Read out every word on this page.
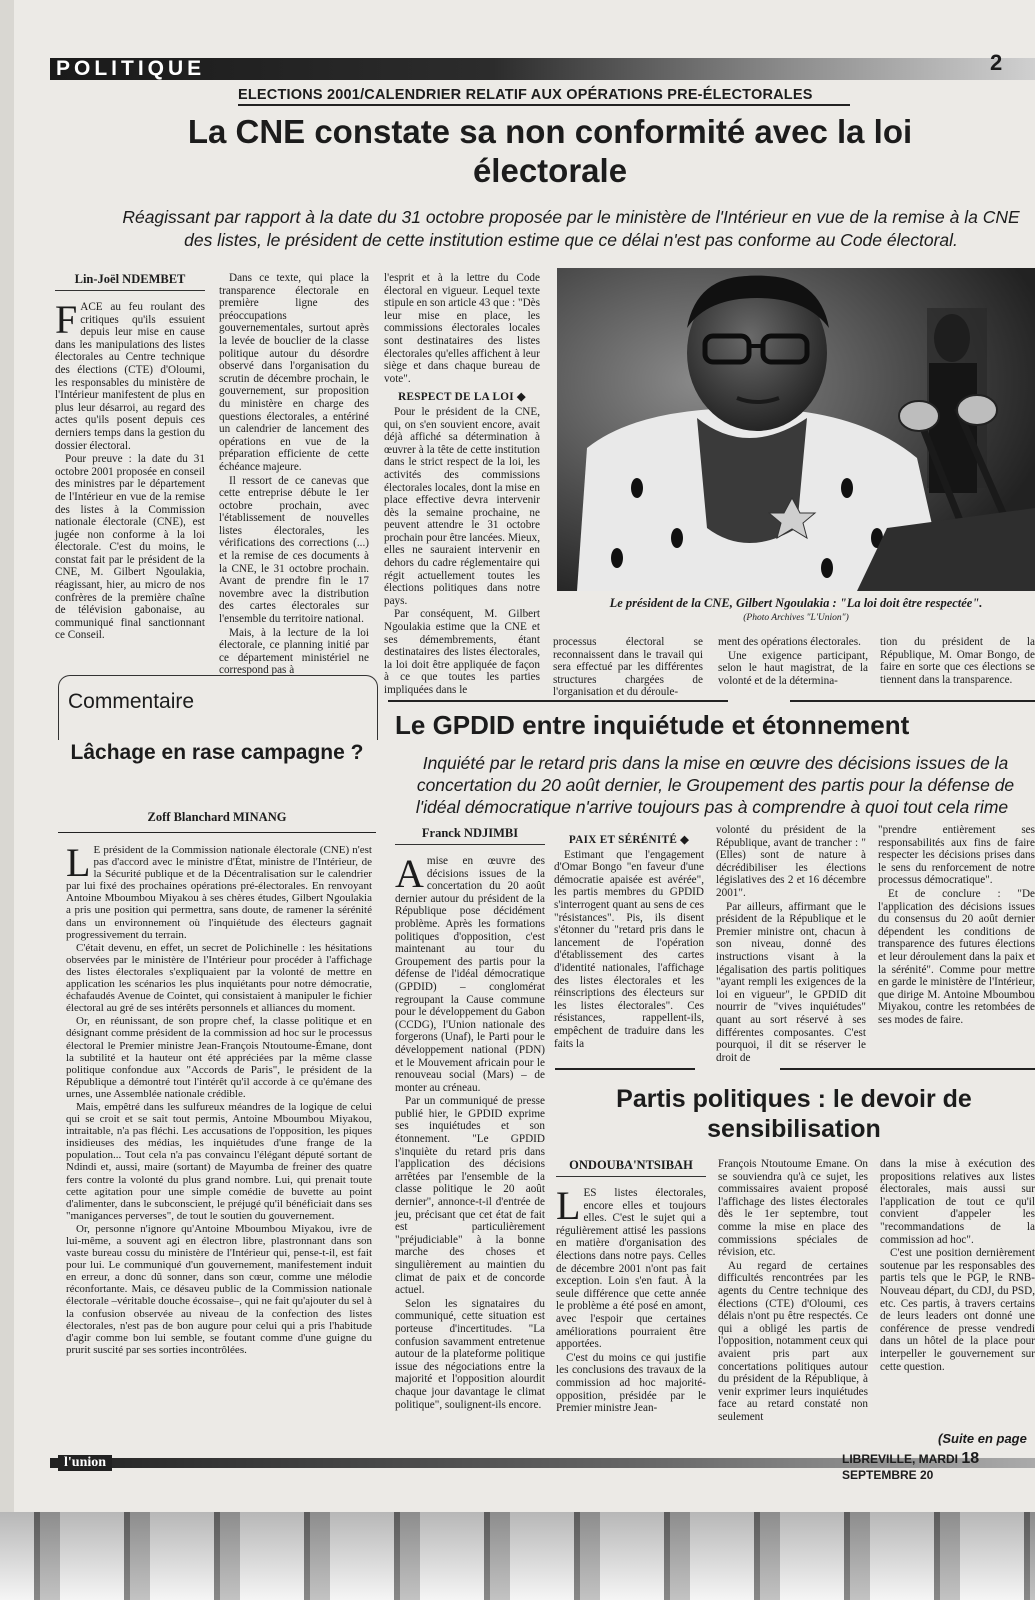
POLITIQUE	2
ELECTIONS 2001/CALENDRIER RELATIF AUX OPÉRATIONS PRE-ÉLECTORALES
La CNE constate sa non conformité avec la loi électorale
Réagissant par rapport à la date du 31 octobre proposée par le ministère de l'Intérieur en vue de la remise à la CNE des listes, le président de cette institution estime que ce délai n'est pas conforme au Code électoral.
Lin-Joël NDEMBET

FACE au feu roulant des critiques qu'ils essuient depuis leur mise en cause dans les manipulations des listes électorales au Centre technique des élections (CTE) d'Oloumi, les responsables du ministère de l'Intérieur manifestent de plus en plus leur désarroi, au regard des actes qu'ils posent depuis ces derniers temps dans la gestion du dossier électoral.

Pour preuve : la date du 31 octobre 2001 proposée en conseil des ministres par le département de l'Intérieur en vue de la remise des listes à la Commission nationale électorale (CNE), est jugée non conforme à la loi électorale. C'est du moins, le constat fait par le président de la CNE, M. Gilbert Ngoulakia, réagissant, hier, au micro de nos confrères de la première chaîne de télévision gabonaise, au communiqué final sanctionnant ce Conseil.

Dans ce texte, qui place la transparence électorale en première ligne des préoccupations gouvernementales, surtout après la levée de bouclier de la classe politique autour du désordre observé dans l'organisation du scrutin de décembre prochain, le gouvernement, sur proposition du ministère en charge des questions électorales, a entériné un calendrier de lancement des opérations en vue de la préparation efficiente de cette échéance majeure.

Il ressort de ce canevas que cette entreprise débute le 1er octobre prochain, avec l'établissement de nouvelles listes électorales, les vérifications des corrections (...) et la remise de ces documents à la CNE, le 31 octobre prochain. Avant de prendre fin le 17 novembre avec la distribution des cartes électorales sur l'ensemble du territoire national.

Mais, à la lecture de la loi électorale, ce planning initié par ce département ministériel ne correspond pas à

l'esprit et à la lettre du Code électoral en vigueur. Lequel texte stipule en son article 43 que : "Dès leur mise en place, les commissions électorales locales sont destinataires des listes électorales qu'elles affichent à leur siège et dans chaque bureau de vote".

RESPECT DE LA LOI ◆

Pour le président de la CNE, qui, on s'en souvient encore, avait déjà affiché sa détermination à œuvrer à la tête de cette institution dans le strict respect de la loi, les activités des commissions électorales locales, dont la mise en place effective devra intervenir dès la semaine prochaine, ne peuvent attendre le 31 octobre prochain pour être lancées. Mieux, elles ne sauraient intervenir en dehors du cadre réglementaire qui régit actuellement toutes les élections politiques dans notre pays.

Par conséquent, M. Gilbert Ngoulakia estime que la CNE et ses démembrements, étant destinataires des listes électorales, la loi doit être appliquée de façon à ce que toutes les parties impliquées dans le

Le président de la CNE, Gilbert Ngoulakia : "La loi doit être respectée".
(Photo Archives "L'Union")

processus électoral se reconnaissent dans le travail qui sera effectué par les différentes structures chargées de l'organisation et du déroule-

ment des opérations électorales.

Une exigence participant, selon le haut magistrat, de la volonté et de la détermina-

tion du président de la République, M. Omar Bongo, de faire en sorte que ces élections se tiennent dans la transparence.

Commentaire
Lâchage en rase campagne ?
Zoff Blanchard MINANG

L E président de la Commission nationale électorale (CNE) n'est pas d'accord avec le ministre d'État, ministre de l'Intérieur, de la Sécurité publique et de la Décentralisation sur le calendrier par lui fixé des prochaines opérations pré-électorales. En renvoyant Antoine Mboumbou Miyakou à ses chères études, Gilbert Ngoulakia a pris une position qui permettra, sans doute, de ramener la sérénité dans un environnement où l'inquiétude des électeurs gagnait progressivement du terrain.

C'était devenu, en effet, un secret de Polichinelle : les hésitations observées par le ministère de l'Intérieur pour procéder à l'affichage des listes électorales s'expliquaient par la volonté de mettre en application les scénarios les plus inquiétants pour notre démocratie, échafaudés Avenue de Cointet, qui consistaient à manipuler le fichier électoral au gré de ses intérêts personnels et alliances du moment.

Or, en réunissant, de son propre chef, la classe politique et en désignant comme président de la commission ad hoc sur le processus électoral le Premier ministre Jean-François Ntoutoume-Émane, dont la subtilité et la hauteur ont été appréciées par la même classe politique confondue aux "Accords de Paris", le président de la République a démontré tout l'intérêt qu'il accorde à ce qu'émane des urnes, une Assemblée nationale crédible.

Mais, empêtré dans les sulfureux méandres de la logique de celui qui se croit et se sait tout permis, Antoine Mboumbou Miyakou, intraitable, n'a pas fléchi. Les accusations de l'opposition, les piques insidieuses des médias, les inquiétudes d'une frange de la population... Tout cela n'a pas convaincu l'élégant député sortant de Ndindi et, aussi, maire (sortant) de Mayumba de freiner des quatre fers contre la volonté du plus grand nombre. Lui, qui prenait toute cette agitation pour une simple comédie de buvette au point d'alimenter, dans le subconscient, le préjugé qu'il bénéficiait dans ses "manigances perverses", de tout le soutien du gouvernement.

Or, personne n'ignore qu'Antoine Mboumbou Miyakou, ivre de lui-même, a souvent agi en électron libre, plastronnant dans son vaste bureau cossu du ministère de l'Intérieur qui, pense-t-il, est fait pour lui. Le communiqué d'un gouvernement, manifestement induit en erreur, a donc dû sonner, dans son cœur, comme une mélodie réconfortante. Mais, ce désaveu public de la Commission nationale électorale –véritable douche écossaise–, qui ne fait qu'ajouter du sel à la confusion observée au niveau de la confection des listes électorales, n'est pas de bon augure pour celui qui a pris l'habitude d'agir comme bon lui semble, se foutant comme d'une guigne du prurit suscité par ses sorties incontrôlées.

Le GPDID entre inquiétude et étonnement
Inquiété par le retard pris dans la mise en œuvre des décisions issues de la
concertation du 20 août dernier, le Groupement des partis pour la défense de
l'idéal démocratique n'arrive toujours pas à comprendre à quoi tout cela rime
Franck NDJIMBI

Amise en œuvre des décisions issues de la concertation du 20 août dernier autour du président de la République pose décidément problème. Après les formations politiques d'opposition, c'est maintenant au tour du Groupement des partis pour la défense de l'idéal démocratique (GPDID) – conglomérat regroupant la Cause commune pour le développement du Gabon (CCDG), l'Union nationale des forgerons (Unaf), le Parti pour le développement national (PDN) et le Mouvement africain pour le renouveau social (Mars) – de monter au créneau.

Par un communiqué de presse publié hier, le GPDID exprime ses inquiétudes et son étonnement. "Le GPDID s'inquiète du retard pris dans l'application des décisions arrêtées par l'ensemble de la classe politique le 20 août dernier", annonce-t-il d'entrée de jeu, précisant que cet état de fait est particulièrement "préjudiciable" à la bonne marche des choses et singulièrement au maintien du climat de paix et de concorde actuel.

Selon les signataires du communiqué, cette situation est porteuse d'incertitudes. "La confusion savamment entretenue autour de la plateforme politique issue des négociations entre la majorité et l'opposition alourdit chaque jour davantage le climat politique", soulignent-ils encore.

PAIX ET SÉRÉNITÉ ◆

Estimant que l'engagement d'Omar Bongo "en faveur d'une démocratie apaisée est avérée", les partis membres du GPDID s'interrogent quant au sens de ces "résistances". Pis, ils disent s'étonner du "retard pris dans le lancement de l'opération d'établissement des cartes d'identité nationales, l'affichage des listes électorales et les réinscriptions des électeurs sur les listes électorales". Ces résistances, rappellent-ils, empêchent de traduire dans les faits la

volonté du président de la République, avant de trancher : "(Elles) sont de nature à décrédibiliser les élections législatives des 2 et 16 décembre 2001".

Par ailleurs, affirmant que le président de la République et le Premier ministre ont, chacun à son niveau, donné des instructions visant à la légalisation des partis politiques "ayant rempli les exigences de la loi en vigueur", le GPDID dit nourrir de "vives inquiétudes" quant au sort réservé à ses différentes composantes. C'est pourquoi, il dit se réserver le droit de

"prendre entièrement ses responsabilités aux fins de faire respecter les décisions prises dans le sens du renforcement de notre processus démocratique".

Et de conclure : "De l'application des décisions issues du consensus du 20 août dernier dépendent les conditions de transparence des futures élections et leur déroulement dans la paix et la sérénité". Comme pour mettre en garde le ministère de l'Intérieur, que dirige M. Antoine Mboumbou Miyakou, contre les retombées de ses modes de faire.

Partis politiques : le devoir de sensibilisation
ONDOUBA'NTSIBAH

LES listes électorales, encore elles et toujours elles. C'est le sujet qui a régulièrement attisé les passions en matière d'organisation des élections dans notre pays. Celles de décembre 2001 n'ont pas fait exception. Loin s'en faut. À la seule différence que cette année le problème a été posé en amont, avec l'espoir que certaines améliorations pourraient être apportées.

C'est du moins ce qui justifie les conclusions des travaux de la commission ad hoc majorité-opposition, présidée par le Premier ministre Jean-

François Ntoutoume Emane. On se souviendra qu'à ce sujet, les commissaires avaient proposé l'affichage des listes électorales dès le 1er septembre, tout comme la mise en place des commissions spéciales de révision, etc.

Au regard de certaines difficultés rencontrées par les agents du Centre technique des élections (CTE) d'Oloumi, ces délais n'ont pu être respectés. Ce qui a obligé les partis de l'opposition, notamment ceux qui avaient pris part aux concertations politiques autour du président de la République, à venir exprimer leurs inquiétudes face au retard constaté non seulement

dans la mise à exécution des propositions relatives aux listes électorales, mais aussi sur l'application de tout ce qu'il convient d'appeler les "recommandations de la commission ad hoc".

C'est une position dernièrement soutenue par les responsables des partis tels que le PGP, le RNB-Nouveau départ, du CDJ, du PSD, etc. Ces partis, à travers certains de leurs leaders ont donné une conférence de presse vendredi dans un hôtel de la place pour interpeller le gouvernement sur cette question.

(Suite en page
l'union	LIBREVILLE, MARDI 18 SEPTEMBRE 20
